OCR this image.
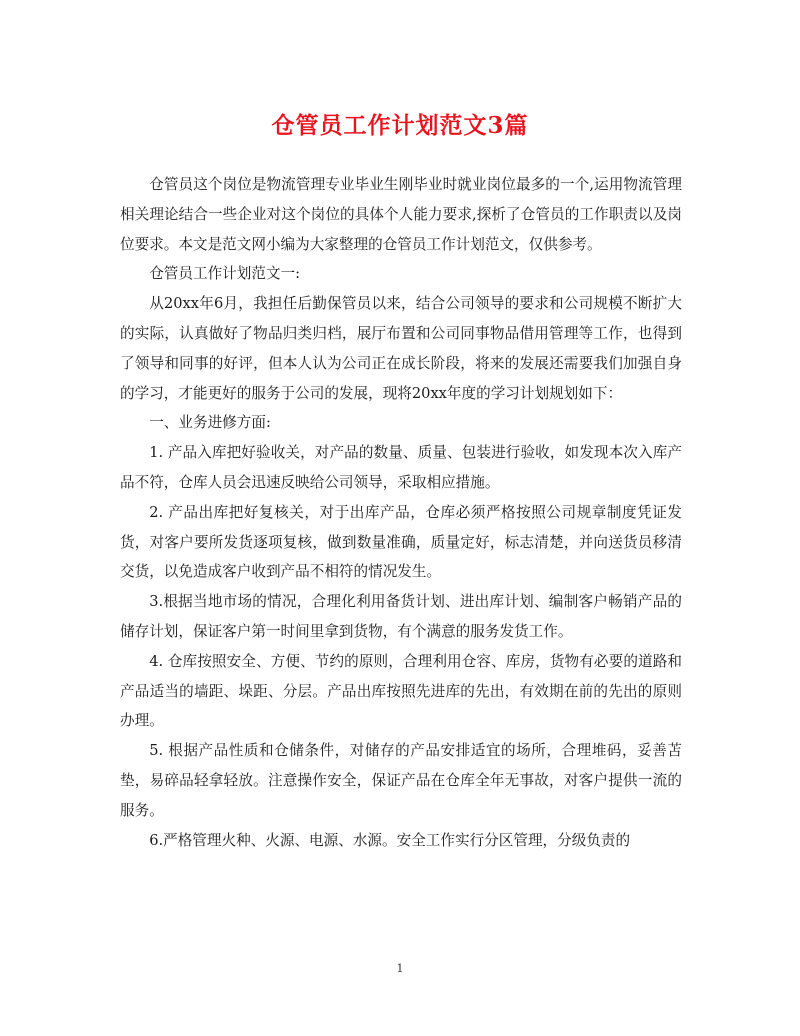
仓管员工作计划范文3篇

仓管员这个岗位是物流管理专业毕业生刚毕业时就业岗位最多的一个,运用物流管理相关理论结合一些企业对这个岗位的具体个人能力要求,探析了仓管员的工作职责以及岗位要求。本文是范文网小编为大家整理的仓管员工作计划范文，仅供参考。

仓管员工作计划范文一:

从20xx年6月，我担任后勤保管员以来，结合公司领导的要求和公司规模不断扩大的实际，认真做好了物品归类归档，展厅布置和公司同事物品借用管理等工作，也得到了领导和同事的好评，但本人认为公司正在成长阶段，将来的发展还需要我们加强自身的学习，才能更好的服务于公司的发展，现将20xx年度的学习计划规划如下：

一、业务进修方面:

1. 产品入库把好验收关，对产品的数量、质量、包装进行验收，如发现本次入库产品不符，仓库人员会迅速反映给公司领导，采取相应措施。

2. 产品出库把好复核关，对于出库产品，仓库必须严格按照公司规章制度凭证发货，对客户要所发货逐项复核，做到数量准确，质量定好，标志清楚，并向送货员移清交货，以免造成客户收到产品不相符的情况发生。

3.根据当地市场的情况，合理化利用备货计划、进出库计划、编制客户畅销产品的储存计划，保证客户第一时间里拿到货物，有个满意的服务发货工作。

4. 仓库按照安全、方便、节约的原则，合理利用仓容、库房，货物有必要的道路和产品适当的墙距、垛距、分层。产品出库按照先进库的先出，有效期在前的先出的原则办理。

5. 根据产品性质和仓储条件，对储存的产品安排适宜的场所，合理堆码，妥善苫垫，易碎品轻拿轻放。注意操作安全，保证产品在仓库全年无事故，对客户提供一流的服务。

6.严格管理火种、火源、电源、水源。安全工作实行分区管理，分级负责的

1
